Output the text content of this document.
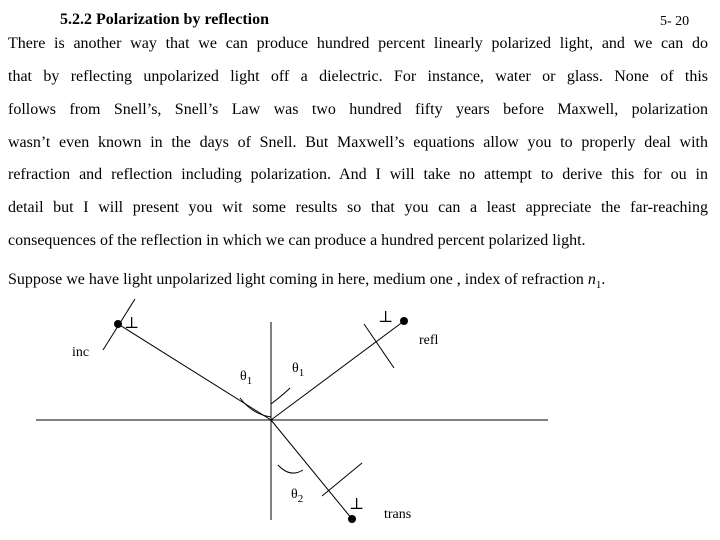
5.2.2 Polarization by reflection	5- 20
There is another way that we can produce hundred percent linearly polarized light, and we can do
that by reflecting unpolarized light off a dielectric. For instance, water or glass. None of this
follows from Snell’s, Snell’s Law was two hundred fifty years before Maxwell, polarization
wasn’t even known in the days of Snell. But Maxwell’s equations allow you to properly deal with
refraction and reflection including polarization. And I will take no attempt to derive this for ou in
detail but I will present you wit some results so that you can a least appreciate the far-reaching
consequences of the reflection in which we can produce a hundred percent polarized light.
Suppose we have light unpolarized light coming in here, medium one , index of refraction $n_1$.
⊥
inc
⊥
refl
⊥
trans
$\theta_1$
$\theta_1$
$\theta_2$
